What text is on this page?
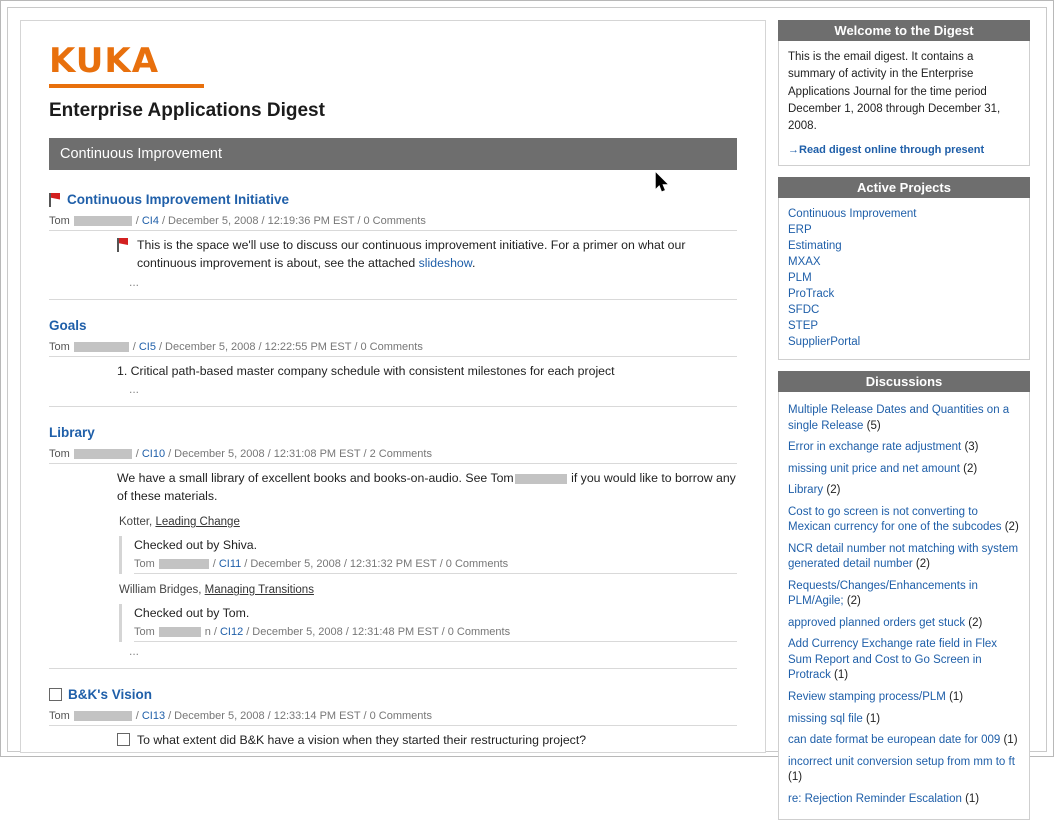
KUKA
Enterprise Applications Digest
Continuous Improvement
Continuous Improvement Initiative
Tom	/ CI4 / December 5, 2008 / 12:19:36 PM EST / 0 Comments
This is the space we'll use to discuss our continuous improvement initiative. For a primer on what our continuous improvement is about, see the attached slideshow.
...
Goals
Tom	/ CI5 / December 5, 2008 / 12:22:55 PM EST / 0 Comments
1. Critical path-based master company schedule with consistent milestones for each project
...
Library
Tom	/ CI10 / December 5, 2008 / 12:31:08 PM EST / 2 Comments
We have a small library of excellent books and books-on-audio. See Tom	if you would like to borrow any of these materials.
Kotter, Leading Change
Checked out by Shiva.
Tom	/ CI11 / December 5, 2008 / 12:31:32 PM EST / 0 Comments
William Bridges, Managing Transitions
Checked out by Tom.
Tom	n / CI12 / December 5, 2008 / 12:31:48 PM EST / 0 Comments
...
B&K's Vision
Tom	/ CI13 / December 5, 2008 / 12:33:14 PM EST / 0 Comments
To what extent did B&K have a vision when they started their restructuring project?
Welcome to the Digest
This is the email digest. It contains a summary of activity in the Enterprise Applications Journal for the time period December 1, 2008 through December 31, 2008.
→Read digest online through present
Active Projects
Continuous Improvement
ERP
Estimating
MXAX
PLM
ProTrack
SFDC
STEP
SupplierPortal
Discussions
Multiple Release Dates and Quantities on a single Release (5)
Error in exchange rate adjustment (3)
missing unit price and net amount (2)
Library (2)
Cost to go screen is not converting to Mexican currency for one of the subcodes (2)
NCR detail number not matching with system generated detail number (2)
Requests/Changes/Enhancements in PLM/Agile; (2)
approved planned orders get stuck (2)
Add Currency Exchange rate field in Flex Sum Report and Cost to Go Screen in Protrack (1)
Review stamping process/PLM (1)
missing sql file (1)
can date format be european date for 009 (1)
incorrect unit conversion setup from mm to ft (1)
re: Rejection Reminder Escalation (1)
